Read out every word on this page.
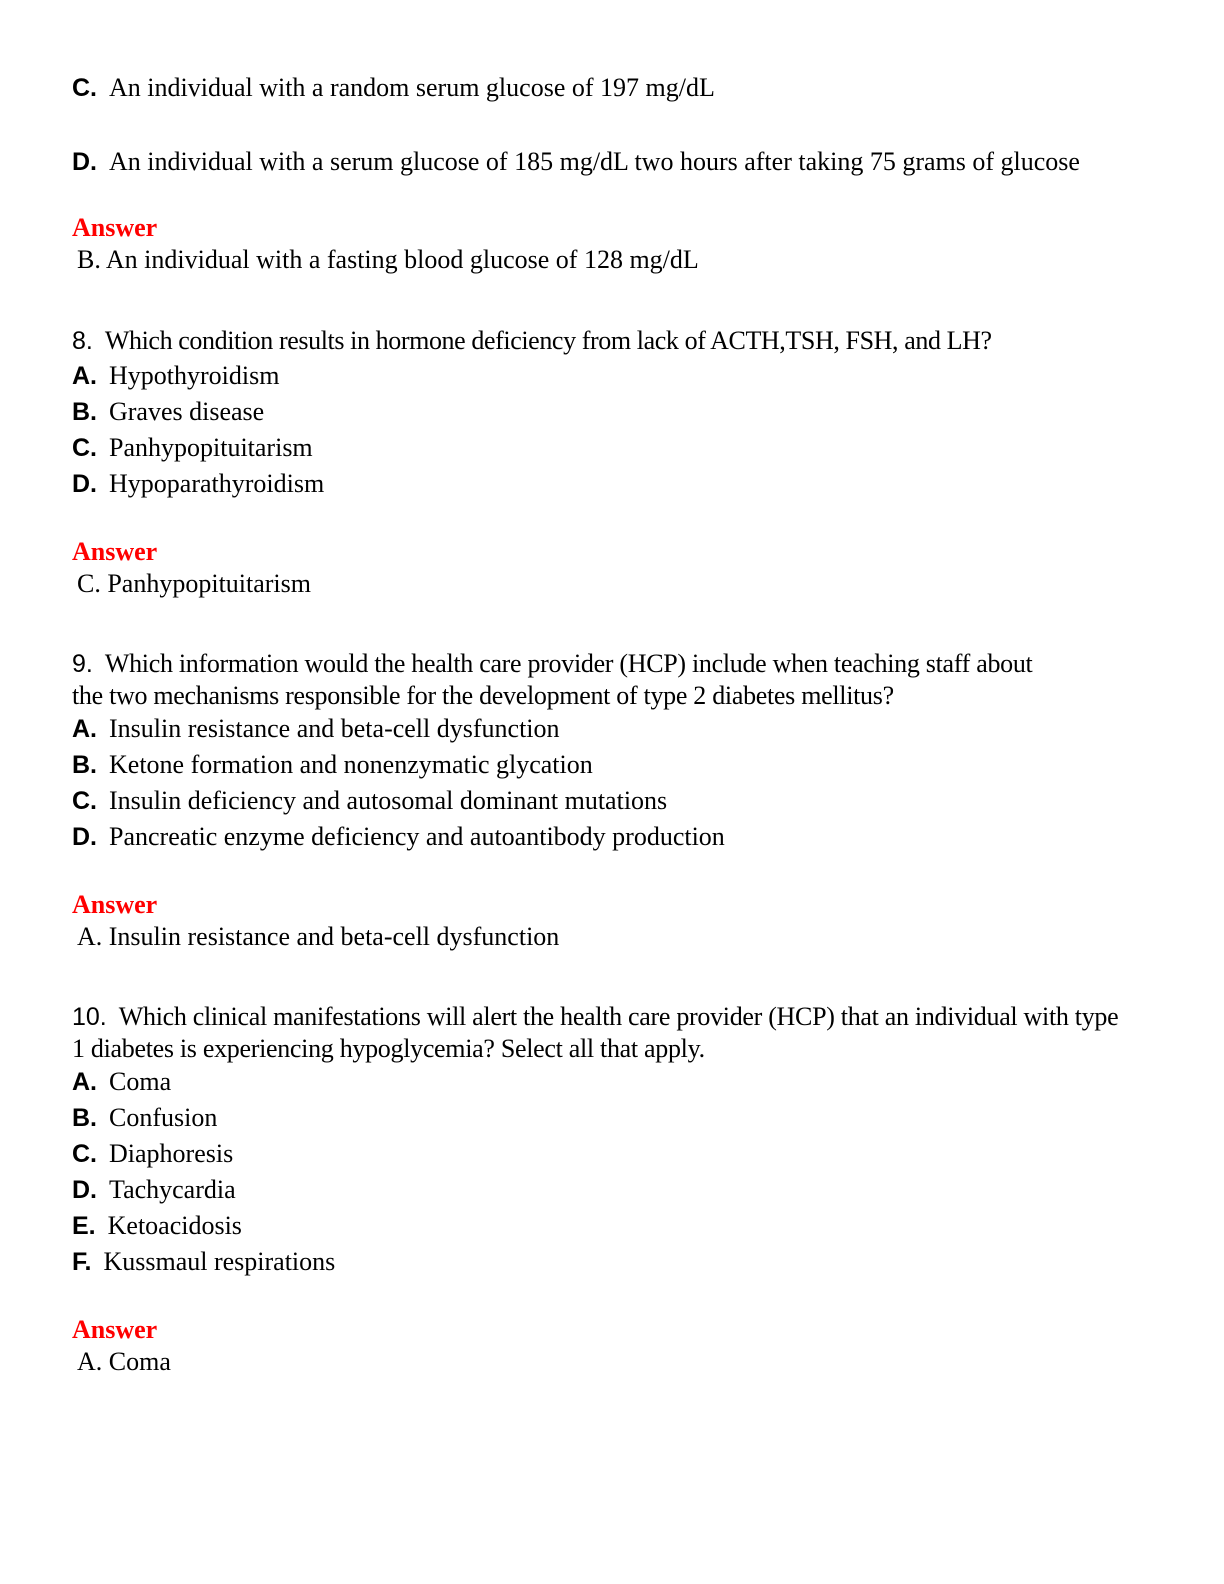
C. An individual with a random serum glucose of 197 mg/dL
D. An individual with a serum glucose of 185 mg/dL two hours after taking 75 grams of glucose
Answer
B. An individual with a fasting blood glucose of 128 mg/dL
8. Which condition results in hormone deficiency from lack of ACTH,TSH, FSH, and LH?
A. Hypothyroidism
B. Graves disease
C. Panhypopituitarism
D. Hypoparathyroidism
Answer
C. Panhypopituitarism
9. Which information would the health care provider (HCP) include when teaching staff about the two mechanisms responsible for the development of type 2 diabetes mellitus?
A. Insulin resistance and beta-cell dysfunction
B. Ketone formation and nonenzymatic glycation
C. Insulin deficiency and autosomal dominant mutations
D. Pancreatic enzyme deficiency and autoantibody production
Answer
A. Insulin resistance and beta-cell dysfunction
10. Which clinical manifestations will alert the health care provider (HCP) that an individual with type 1 diabetes is experiencing hypoglycemia? Select all that apply.
A. Coma
B. Confusion
C. Diaphoresis
D. Tachycardia
E. Ketoacidosis
F. Kussmaul respirations
Answer
A. Coma
